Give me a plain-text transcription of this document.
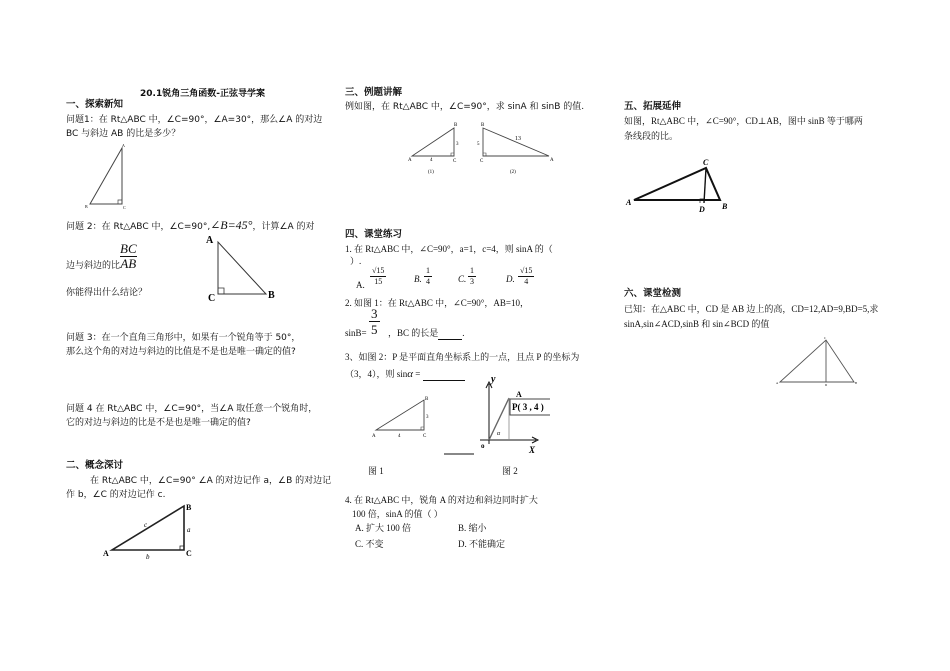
20.1锐角三角函数-正弦导学案
一、探索新知
问题1：在 Rt△ABC 中，∠C=90°，∠A=30°，那么∠A 的对边
BC 与斜边 AB 的比是多少？
A
B	C
问题 2：在 Rt△ABC 中，∠C=90°,∠B=45°，计算∠A 的对
BC
AB
边与斜边的比
你能得出什么结论？
A
C	B
问题 3：在一个直角三角形中，如果有一个锐角等于 50°，
那么这个角的对边与斜边的比值是不是也是唯一确定的值?
问题 4 在 Rt△ABC 中，∠C=90°，当∠A 取任意一个锐角时，
它的对边与斜边的比是不是也是唯一确定的值?
二、概念深讨
在 Rt△ABC 中，∠C=90° ∠A 的对边记作 a，∠B 的对边记
作 b，∠C 的对边记作 c.
B
A	C
c
a
b
三、例题讲解
例如图，在 Rt△ABC 中，∠C=90°，求 sinA 和 sinB 的值.
B
A	C
4
3
(1)
B
C	A
13
5
(2)
四、课堂练习
1. 在 Rt△ABC 中，∠C=90°，a=1，c=4，则 sinA 的（
）.
A. $\frac{√15}{15}$	B. $\frac{1}{4}$	C. $\frac{1}{3}$	D. $\frac{√15}{4}$
2. 如图 1：在 Rt△ABC 中，∠C=90°，AB=10，
sinB=
3
5 ，BC 的长是	.
3、如图 2：P 是平面直角坐标系上的一点，且点 P 的坐标为
（3，4），则 sinα =
B
A	C
4
3
y
A
P( 3 , 4 )
o
α
X
图 1	图 2
4. 在 Rt△ABC 中，锐角 A 的对边和斜边同时扩大
100 倍，sinA 的值（ ）
A. 扩大 100 倍	B. 缩小
C. 不变	D. 不能确定
五、拓展延伸
如图，Rt△ABC 中，∠C=90°，CD⊥AB，图中 sinB 等于哪两
条线段的比。
C
A
D B
六、课堂检测
已知：在△ABC 中，CD 是 AB 边上的高，CD=12,AD=9,BD=5,求
sinA,sin∠ACD,sinB 和 sin∠BCD 的值
C
A	D	B
